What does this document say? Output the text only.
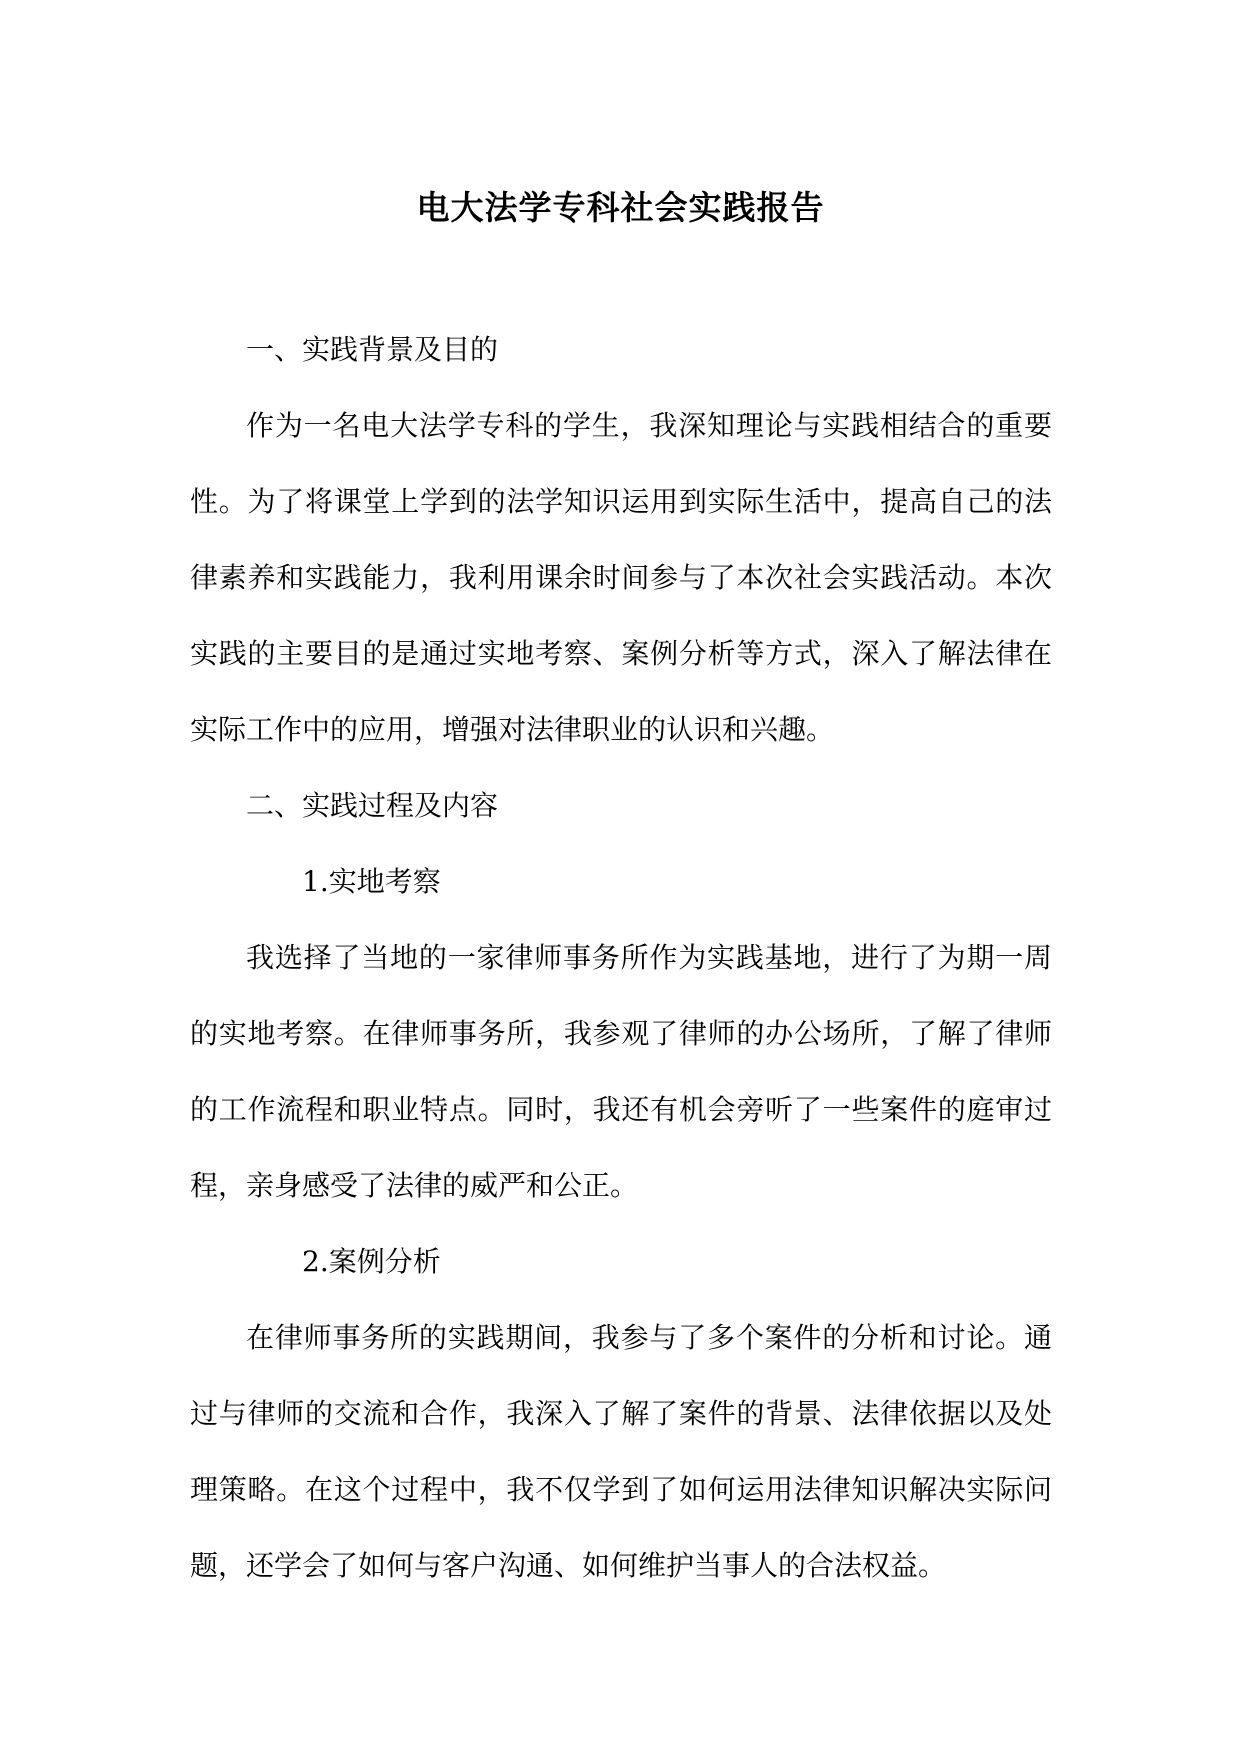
电大法学专科社会实践报告

一、实践背景及目的

作为一名电大法学专科的学生，我深知理论与实践相结合的重要性。为了将课堂上学到的法学知识运用到实际生活中，提高自己的法律素养和实践能力，我利用课余时间参与了本次社会实践活动。本次实践的主要目的是通过实地考察、案例分析等方式，深入了解法律在实际工作中的应用，增强对法律职业的认识和兴趣。

二、实践过程及内容

1.实地考察

我选择了当地的一家律师事务所作为实践基地，进行了为期一周的实地考察。在律师事务所，我参观了律师的办公场所，了解了律师的工作流程和职业特点。同时，我还有机会旁听了一些案件的庭审过程，亲身感受了法律的威严和公正。

2.案例分析

在律师事务所的实践期间，我参与了多个案件的分析和讨论。通过与律师的交流和合作，我深入了解了案件的背景、法律依据以及处理策略。在这个过程中，我不仅学到了如何运用法律知识解决实际问题，还学会了如何与客户沟通、如何维护当事人的合法权益。
